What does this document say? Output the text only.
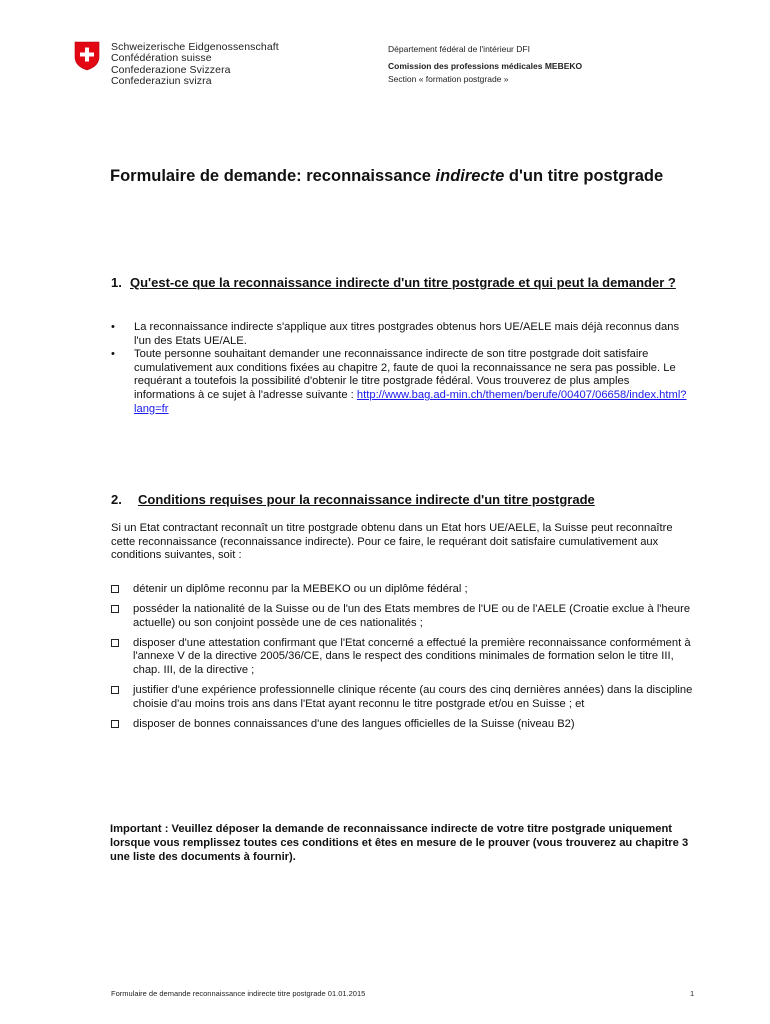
Schweizerische Eidgenossenschaft
Confédération suisse
Confederazione Svizzera
Confederaziun svizra
Département fédéral de l'intérieur DFI
Comission des professions médicales MEBEKO
Section « formation postgrade »
Formulaire de demande: reconnaissance indirecte d'un titre postgrade
1. Qu'est-ce que la reconnaissance indirecte d'un titre postgrade et qui peut la demander ?
• La reconnaissance indirecte s'applique aux titres postgrades obtenus hors UE/AELE mais déjà reconnus dans l'un des Etats UE/ALE.
• Toute personne souhaitant demander une reconnaissance indirecte de son titre postgrade doit satisfaire cumulativement aux conditions fixées au chapitre 2, faute de quoi la reconnaissance ne sera pas possible. Le requérant a toutefois la possibilité d'obtenir le titre postgrade fédéral. Vous trouverez de plus amples informations à ce sujet à l'adresse suivante : http://www.bag.ad-min.ch/themen/berufe/00407/06658/index.html?lang=fr
2. Conditions requises pour la reconnaissance indirecte d'un titre postgrade
Si un Etat contractant reconnaît un titre postgrade obtenu dans un Etat hors UE/AELE, la Suisse peut reconnaître cette reconnaissance (reconnaissance indirecte). Pour ce faire, le requérant doit satisfaire cumulativement aux conditions suivantes, soit :
détenir un diplôme reconnu par la MEBEKO ou un diplôme fédéral ;
posséder la nationalité de la Suisse ou de l'un des Etats membres de l'UE ou de l'AELE (Croatie exclue à l'heure actuelle) ou son conjoint possède une de ces nationalités ;
disposer d'une attestation confirmant que l'Etat concerné a effectué la première reconnaissance conformément à l'annexe V de la directive 2005/36/CE, dans le respect des conditions minimales de formation selon le titre III, chap. III, de la directive ;
justifier d'une expérience professionnelle clinique récente (au cours des cinq dernières années) dans la discipline choisie d'au moins trois ans dans l'Etat ayant reconnu le titre postgrade et/ou en Suisse ; et
disposer de bonnes connaissances d'une des langues officielles de la Suisse (niveau B2)
Important : Veuillez déposer la demande de reconnaissance indirecte de votre titre postgrade uniquement lorsque vous remplissez toutes ces conditions et êtes en mesure de le prouver (vous trouverez au chapitre 3 une liste des documents à fournir).
Formulaire de demande reconnaissance indirecte titre postgrade 01.01.2015	1
